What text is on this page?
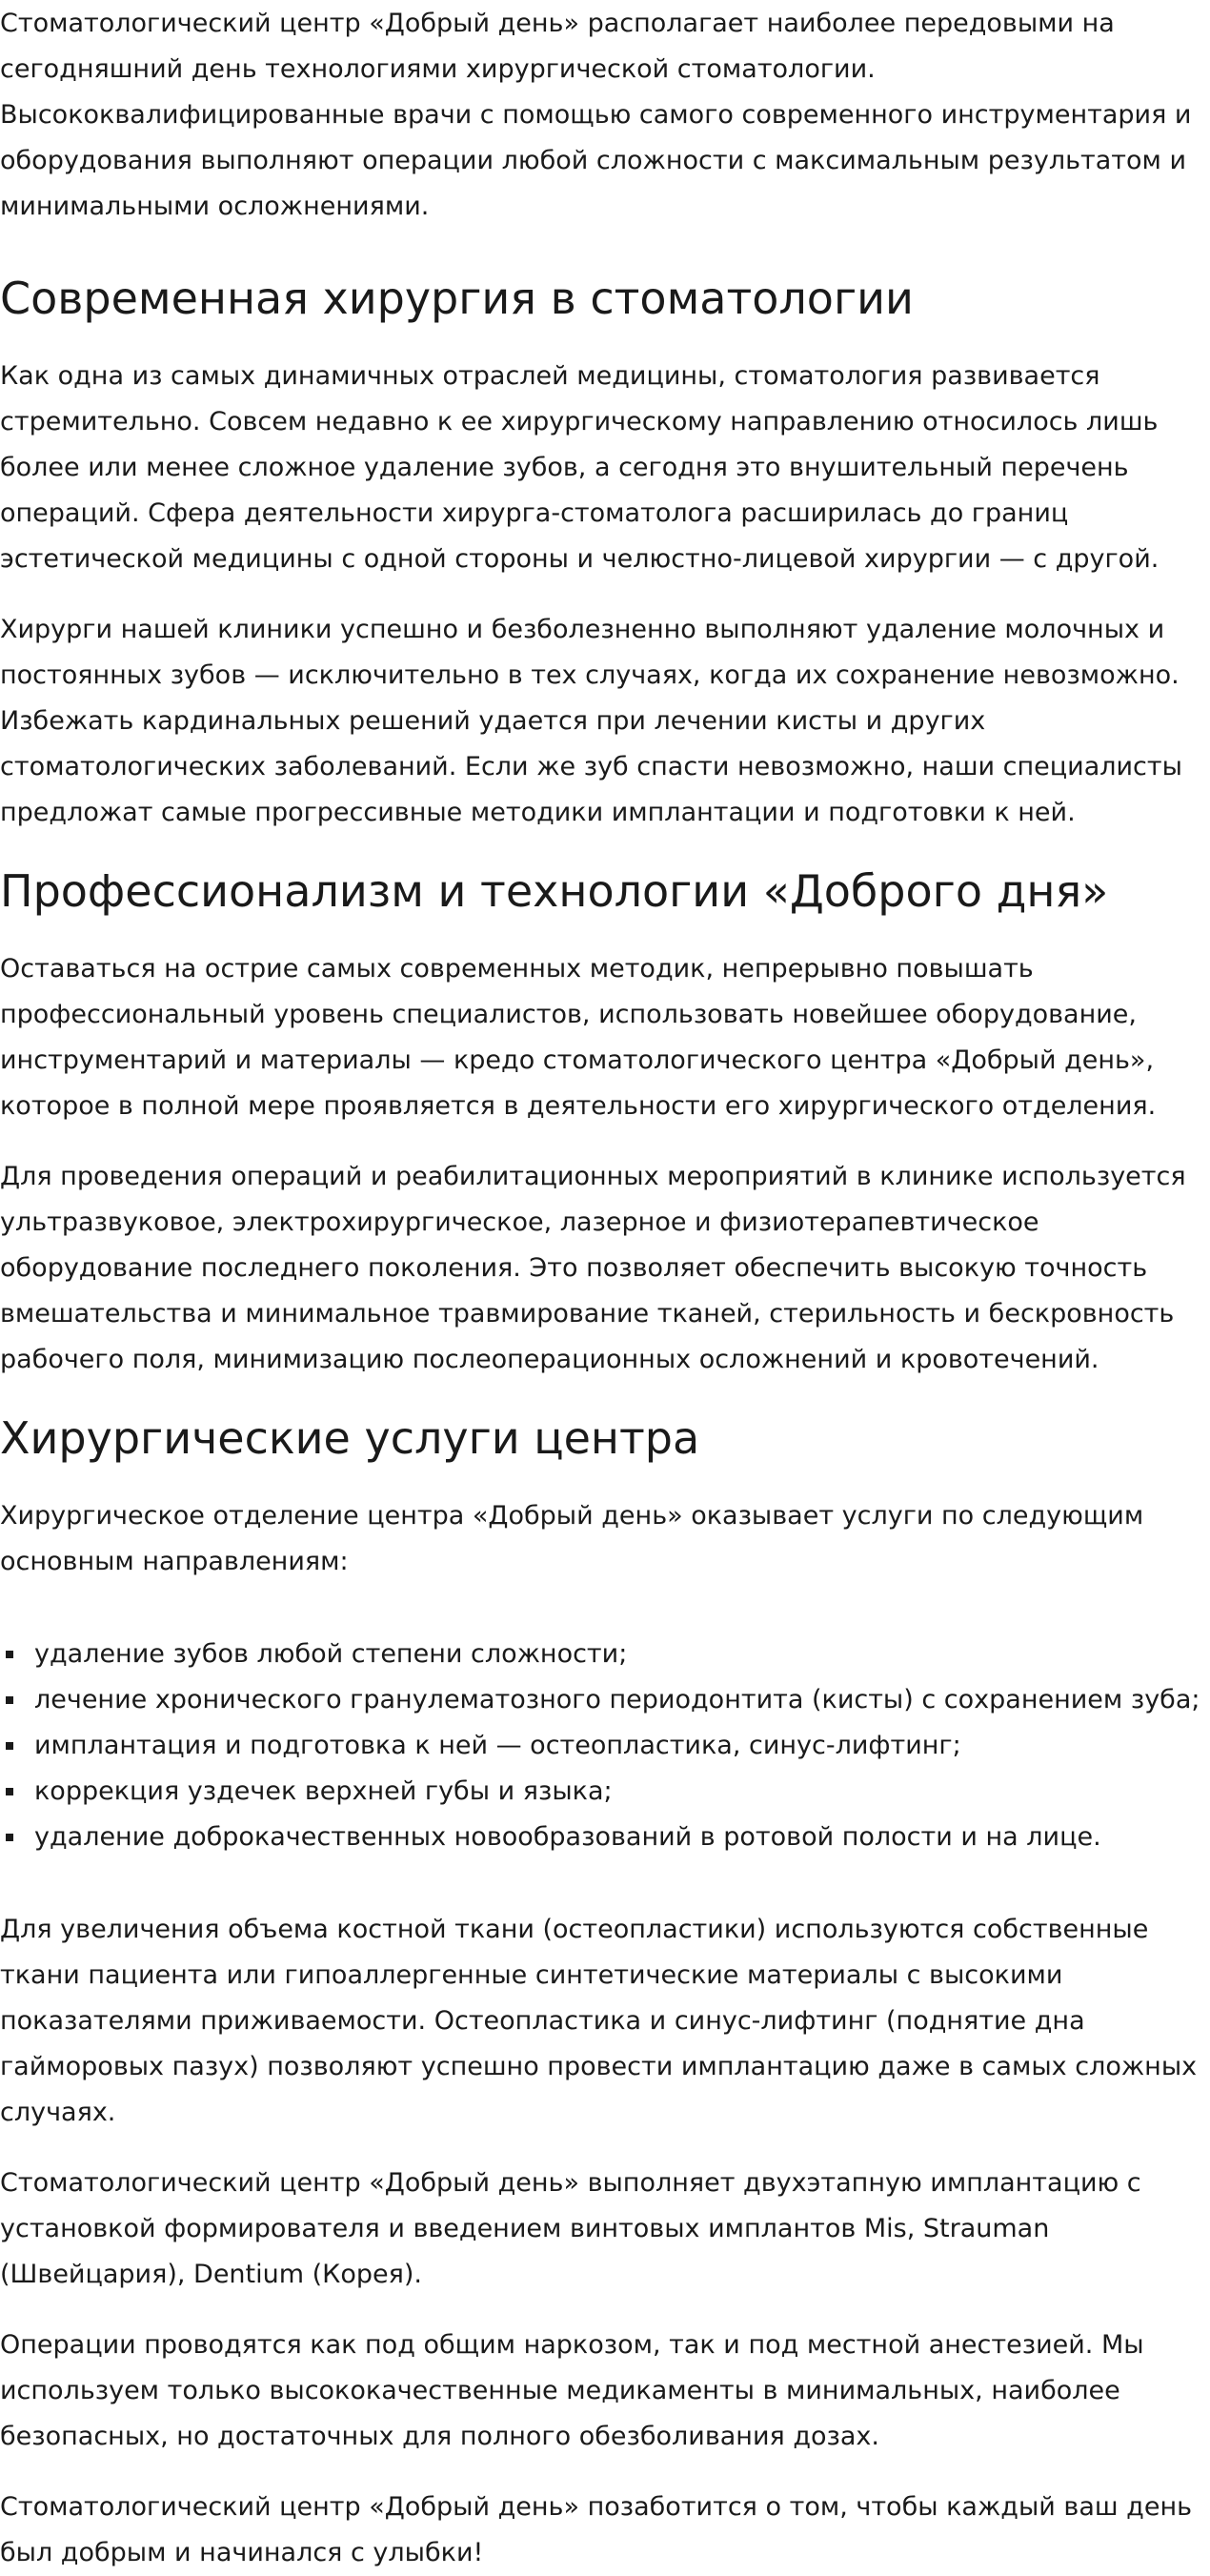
Стоматологический центр «Добрый день» располагает наиболее передовыми на сегодняшний день технологиями хирургической стоматологии. Высококвалифицированные врачи с помощью самого современного инструментария и оборудования выполняют операции любой сложности с максимальным результатом и минимальными осложнениями.

Современная хирургия в стоматологии

Как одна из самых динамичных отраслей медицины, стоматология развивается стремительно. Совсем недавно к ее хирургическому направлению относилось лишь более или менее сложное удаление зубов, а сегодня это внушительный перечень операций. Сфера деятельности хирурга-стоматолога расширилась до границ эстетической медицины с одной стороны и челюстно-лицевой хирургии — с другой.

Хирурги нашей клиники успешно и безболезненно выполняют удаление молочных и постоянных зубов — исключительно в тех случаях, когда их сохранение невозможно. Избежать кардинальных решений удается при лечении кисты и других стоматологических заболеваний. Если же зуб спасти невозможно, наши специалисты предложат самые прогрессивные методики имплантации и подготовки к ней.

Профессионализм и технологии «Доброго дня»

Оставаться на острие самых современных методик, непрерывно повышать профессиональный уровень специалистов, использовать новейшее оборудование, инструментарий и материалы — кредо стоматологического центра «Добрый день», которое в полной мере проявляется в деятельности его хирургического отделения.

Для проведения операций и реабилитационных мероприятий в клинике используется ультразвуковое, электрохирургическое, лазерное и физиотерапевтическое оборудование последнего поколения. Это позволяет обеспечить высокую точность вмешательства и минимальное травмирование тканей, стерильность и бескровность рабочего поля, минимизацию послеоперационных осложнений и кровотечений.

Хирургические услуги центра

Хирургическое отделение центра «Добрый день» оказывает услуги по следующим основным направлениям:

удаление зубов любой степени сложности;
лечение хронического гранулематозного периодонтита (кисты) с сохранением зуба;
имплантация и подготовка к ней — остеопластика, синус-лифтинг;
коррекция уздечек верхней губы и языка;
удаление доброкачественных новообразований в ротовой полости и на лице.

Для увеличения объема костной ткани (остеопластики) используются собственные ткани пациента или гипоаллергенные синтетические материалы с высокими показателями приживаемости. Остеопластика и синус-лифтинг (поднятие дна гайморовых пазух) позволяют успешно провести имплантацию даже в самых сложных случаях.

Стоматологический центр «Добрый день» выполняет двухэтапную имплантацию с установкой формирователя и введением винтовых имплантов Mis, Strauman (Швейцария), Dentium (Корея).

Операции проводятся как под общим наркозом, так и под местной анестезией. Мы используем только высококачественные медикаменты в минимальных, наиболее безопасных, но достаточных для полного обезболивания дозах.

Стоматологический центр «Добрый день» позаботится о том, чтобы каждый ваш день был добрым и начинался с улыбки!
